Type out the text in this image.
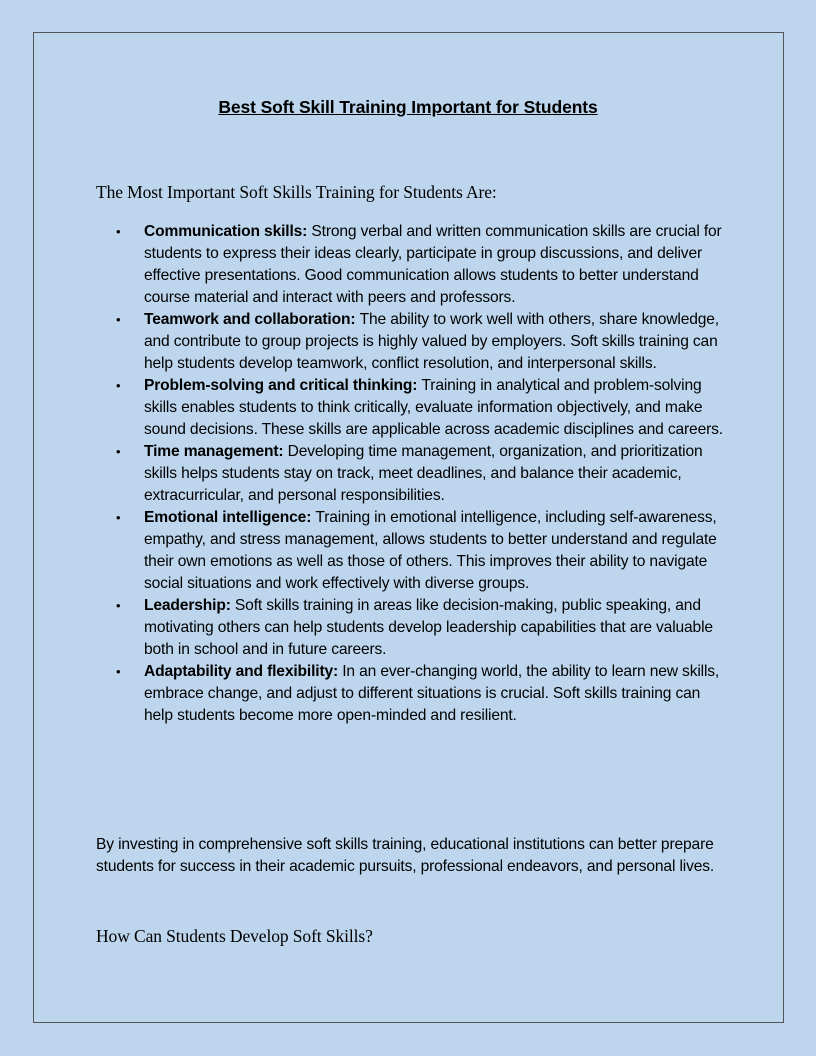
Best Soft Skill Training Important for Students
The Most Important Soft Skills Training for Students Are:
• Communication skills: Strong verbal and written communication skills are crucial for students to express their ideas clearly, participate in group discussions, and deliver effective presentations. Good communication allows students to better understand course material and interact with peers and professors.
• Teamwork and collaboration: The ability to work well with others, share knowledge, and contribute to group projects is highly valued by employers. Soft skills training can help students develop teamwork, conflict resolution, and interpersonal skills.
• Problem-solving and critical thinking: Training in analytical and problem-solving skills enables students to think critically, evaluate information objectively, and make sound decisions. These skills are applicable across academic disciplines and careers.
• Time management: Developing time management, organization, and prioritization skills helps students stay on track, meet deadlines, and balance their academic, extracurricular, and personal responsibilities.
• Emotional intelligence: Training in emotional intelligence, including self-awareness, empathy, and stress management, allows students to better understand and regulate their own emotions as well as those of others. This improves their ability to navigate social situations and work effectively with diverse groups.
• Leadership: Soft skills training in areas like decision-making, public speaking, and motivating others can help students develop leadership capabilities that are valuable both in school and in future careers.
• Adaptability and flexibility: In an ever-changing world, the ability to learn new skills, embrace change, and adjust to different situations is crucial. Soft skills training can help students become more open-minded and resilient.
By investing in comprehensive soft skills training, educational institutions can better prepare students for success in their academic pursuits, professional endeavors, and personal lives.
How Can Students Develop Soft Skills?
